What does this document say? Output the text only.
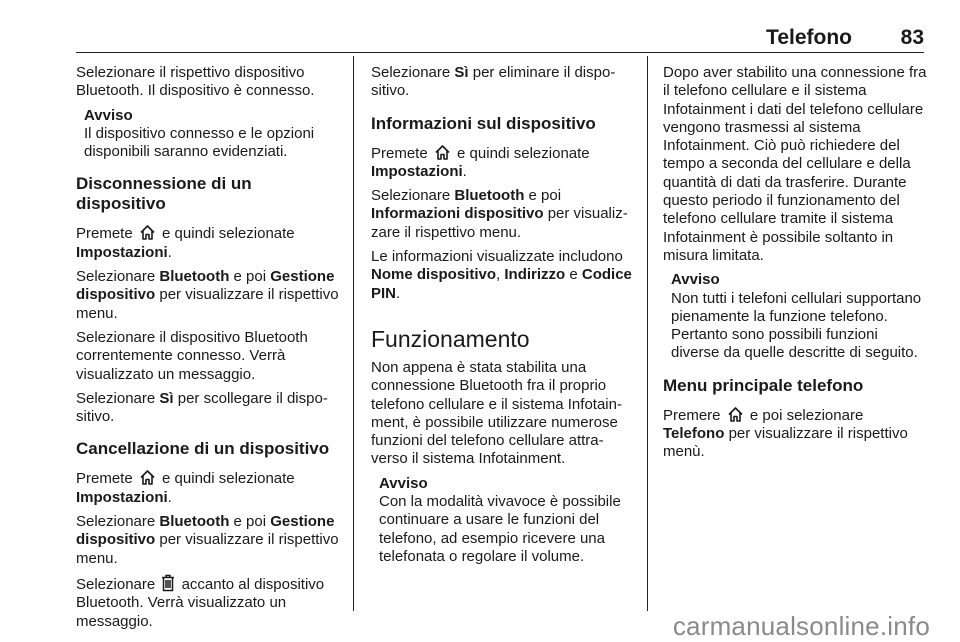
Telefono 83

Selezionare il rispettivo dispositivo Bluetooth. Il dispositivo è connesso.

Avviso
Il dispositivo connesso e le opzioni disponibili saranno evidenziati.
Disconnessione di un dispositivo

Premete e quindi selezionate Impostazioni.

Selezionare Bluetooth e poi Gestione dispositivo per visualizzare il rispettivo menu.

Selezionare il dispositivo Bluetooth correntemente connesso. Verrà visualizzato un messaggio.

Selezionare Sì per scollegare il dispositivo.

Cancellazione di un dispositivo

Premete e quindi selezionate Impostazioni.

Selezionare Bluetooth e poi Gestione dispositivo per visualizzare il rispettivo menu.

Selezionare accanto al dispositivo Bluetooth. Verrà visualizzato un messaggio.

Selezionare Sì per eliminare il dispositivo.

Informazioni sul dispositivo

Premete e quindi selezionate Impostazioni.

Selezionare Bluetooth e poi Informazioni dispositivo per visualizzare il rispettivo menu.

Le informazioni visualizzate includono Nome dispositivo, Indirizzo e Codice PIN.

Funzionamento

Non appena è stata stabilita una connessione Bluetooth fra il proprio telefono cellulare e il sistema Infotainment, è possibile utilizzare numerose funzioni del telefono cellulare attraverso il sistema Infotainment.

Avviso
Con la modalità vivavoce è possibile continuare a usare le funzioni del telefono, ad esempio ricevere una telefonata o regolare il volume.

Dopo aver stabilito una connessione fra il telefono cellulare e il sistema Infotainment i dati del telefono cellulare vengono trasmessi al sistema Infotainment. Ciò può richiedere del tempo a seconda del cellulare e della quantità di dati da trasferire. Durante questo periodo il funzionamento del telefono cellulare tramite il sistema Infotainment è possibile soltanto in misura limitata.

Avviso
Non tutti i telefoni cellulari supportano pienamente la funzione telefono. Pertanto sono possibili funzioni diverse da quelle descritte di seguito.
Menu principale telefono

Premere e poi selezionare Telefono per visualizzare il rispettivo menù.

carmanualsonline.info
